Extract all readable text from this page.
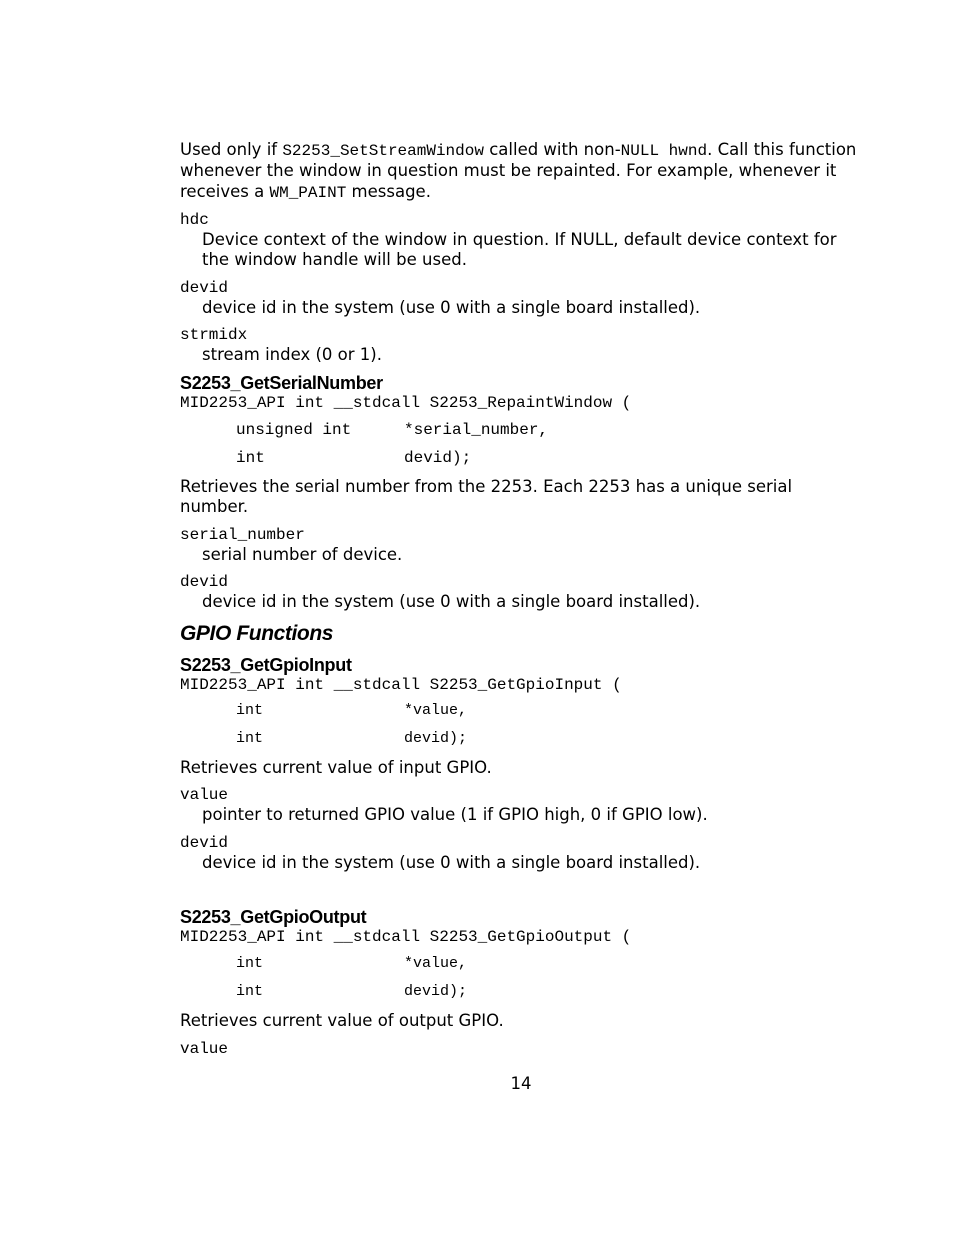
Used only if S2253_SetStreamWindow called with non-NULL hwnd. Call this function whenever the window in question must be repainted. For example, whenever it receives a WM_PAINT message.

hdc

Device context of the window in question. If NULL, default device context for the window handle will be used.

devid

device id in the system (use 0 with a single board installed).

strmidx

stream index (0 or 1).

S2253_GetSerialNumber

MID2253_API int __stdcall S2253_RepaintWindow (

unsigned int	*serial_number,
int	devid);

Retrieves the serial number from the 2253. Each 2253 has a unique serial number.

serial_number

serial number of device.

devid

device id in the system (use 0 with a single board installed).

GPIO Functions

S2253_GetGpioInput

MID2253_API int __stdcall S2253_GetGpioInput (

int	*value,
int	devid);

Retrieves current value of input GPIO.

value

pointer to returned GPIO value (1 if GPIO high, 0 if GPIO low).

devid

device id in the system (use 0 with a single board installed).

S2253_GetGpioOutput

MID2253_API int __stdcall S2253_GetGpioOutput (

int	*value,
int	devid);

Retrieves current value of output GPIO.

value

14
